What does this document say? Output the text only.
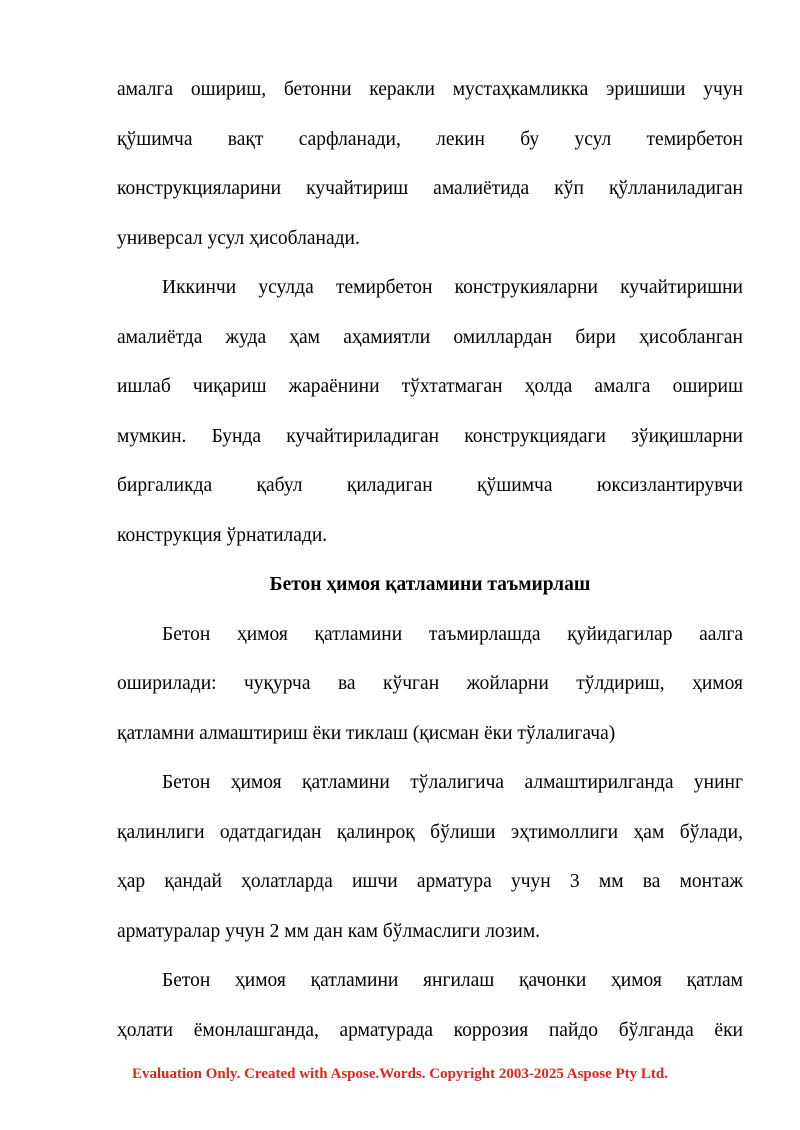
амалга ошириш, бетонни керакли мустаҳкамликка эришиши учун
қўшимча вақт сарфланади, лекин бу усул темирбетон
конструкцияларини кучайтириш амалиётида кўп қўлланиладиган
универсал усул ҳисобланади.
Иккинчи усулда темирбетон конструкияларни кучайтиришни
амалиётда жуда ҳам аҳамиятли омиллардан бири ҳисобланган
ишлаб чиқариш жараёнини тўхтатмаган ҳолда амалга ошириш
мумкин. Бунда кучайтириладиган конструкциядаги зўиқишларни
биргаликда қабул қиладиган қўшимча юксизлантирувчи
конструкция ўрнатилади.
Бетон ҳимоя қатламини таъмирлаш
Бетон ҳимоя қатламини таъмирлашда қуйидагилар аалга
оширилади: чуқурча ва кўчган жойларни тўлдириш, ҳимоя
қатламни алмаштириш ёки тиклаш (қисман ёки тўлалигача)
Бетон ҳимоя қатламини тўлалигича алмаштирилганда унинг
қалинлиги одатдагидан қалинроқ бўлиши эҳтимоллиги ҳам бўлади,
ҳар қандай ҳолатларда ишчи арматура учун 3 мм ва монтаж
арматуралар учун 2 мм дан кам бўлмаслиги лозим.
Бетон ҳимоя қатламини янгилаш қачонки ҳимоя қатлам
ҳолати ёмонлашганда, арматурада коррозия пайдо бўлганда ёки
Evaluation Only. Created with Aspose.Words. Copyright 2003-2025 Aspose Pty Ltd.
